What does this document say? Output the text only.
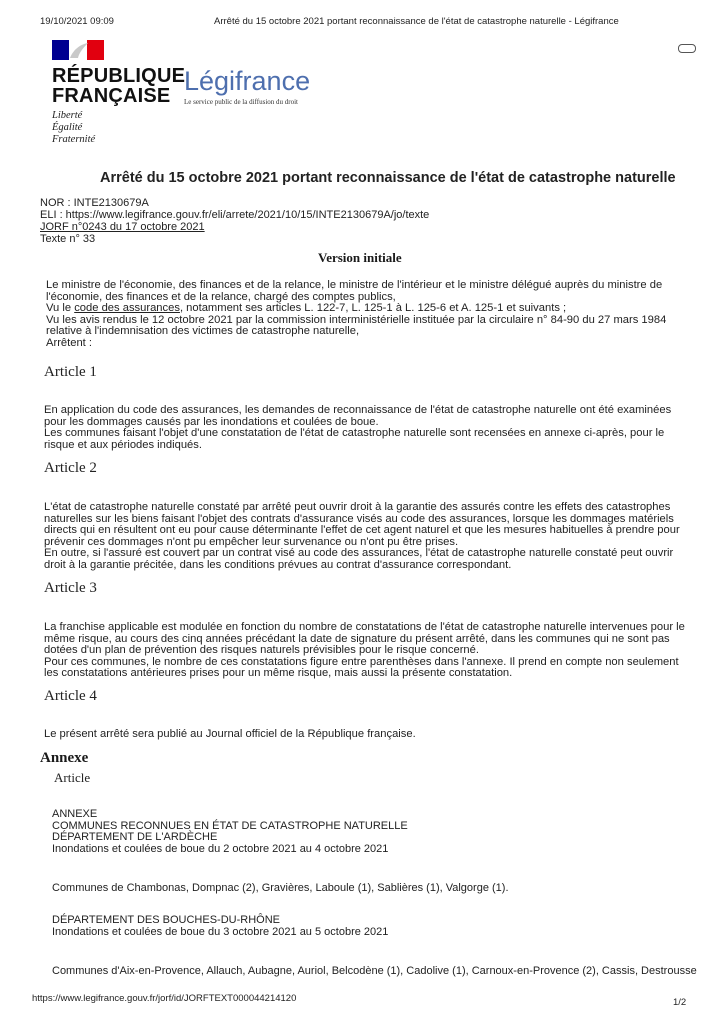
19/10/2021 09:09	Arrêté du 15 octobre 2021 portant reconnaissance de l'état de catastrophe naturelle - Légifrance
RÉPUBLIQUE
FRANÇAISE
Liberté
Égalité
Fraternité
Légifrance
Le service public de la diffusion du droit
Arrêté du 15 octobre 2021 portant reconnaissance de l'état de catastrophe naturelle
NOR : INTE2130679A
ELI : https://www.legifrance.gouv.fr/eli/arrete/2021/10/15/INTE2130679A/jo/texte
JORF n°0243 du 17 octobre 2021
Texte n° 33
Version initiale
Le ministre de l'économie, des finances et de la relance, le ministre de l'intérieur et le ministre délégué auprès du ministre de l'économie, des finances et de la relance, chargé des comptes publics,
Vu le code des assurances, notamment ses articles L. 122-7, L. 125-1 à L. 125-6 et A. 125-1 et suivants ;
Vu les avis rendus le 12 octobre 2021 par la commission interministérielle instituée par la circulaire n° 84-90 du 27 mars 1984 relative à l'indemnisation des victimes de catastrophe naturelle,
Arrêtent :
Article 1
En application du code des assurances, les demandes de reconnaissance de l'état de catastrophe naturelle ont été examinées pour les dommages causés par les inondations et coulées de boue.
Les communes faisant l'objet d'une constatation de l'état de catastrophe naturelle sont recensées en annexe ci-après, pour le risque et aux périodes indiqués.
Article 2
L'état de catastrophe naturelle constaté par arrêté peut ouvrir droit à la garantie des assurés contre les effets des catastrophes naturelles sur les biens faisant l'objet des contrats d'assurance visés au code des assurances, lorsque les dommages matériels directs qui en résultent ont eu pour cause déterminante l'effet de cet agent naturel et que les mesures habituelles à prendre pour prévenir ces dommages n'ont pu empêcher leur survenance ou n'ont pu être prises.
En outre, si l'assuré est couvert par un contrat visé au code des assurances, l'état de catastrophe naturelle constaté peut ouvrir droit à la garantie précitée, dans les conditions prévues au contrat d'assurance correspondant.
Article 3
La franchise applicable est modulée en fonction du nombre de constatations de l'état de catastrophe naturelle intervenues pour le même risque, au cours des cinq années précédant la date de signature du présent arrêté, dans les communes qui ne sont pas dotées d'un plan de prévention des risques naturels prévisibles pour le risque concerné.
Pour ces communes, le nombre de ces constatations figure entre parenthèses dans l'annexe. Il prend en compte non seulement les constatations antérieures prises pour un même risque, mais aussi la présente constatation.
Article 4
Le présent arrêté sera publié au Journal officiel de la République française.
Annexe
Article
ANNEXE
COMMUNES RECONNUES EN ÉTAT DE CATASTROPHE NATURELLE
DÉPARTEMENT DE L'ARDÈCHE
Inondations et coulées de boue du 2 octobre 2021 au 4 octobre 2021
Communes de Chambonas, Dompnac (2), Gravières, Laboule (1), Sablières (1), Valgorge (1).
DÉPARTEMENT DES BOUCHES-DU-RHÔNE
Inondations et coulées de boue du 3 octobre 2021 au 5 octobre 2021
Communes d'Aix-en-Provence, Allauch, Aubagne, Auriol, Belcodène (1), Cadolive (1), Carnoux-en-Provence (2), Cassis, Destrousse
https://www.legifrance.gouv.fr/jorf/id/JORFTEXT000044214120	1/2
